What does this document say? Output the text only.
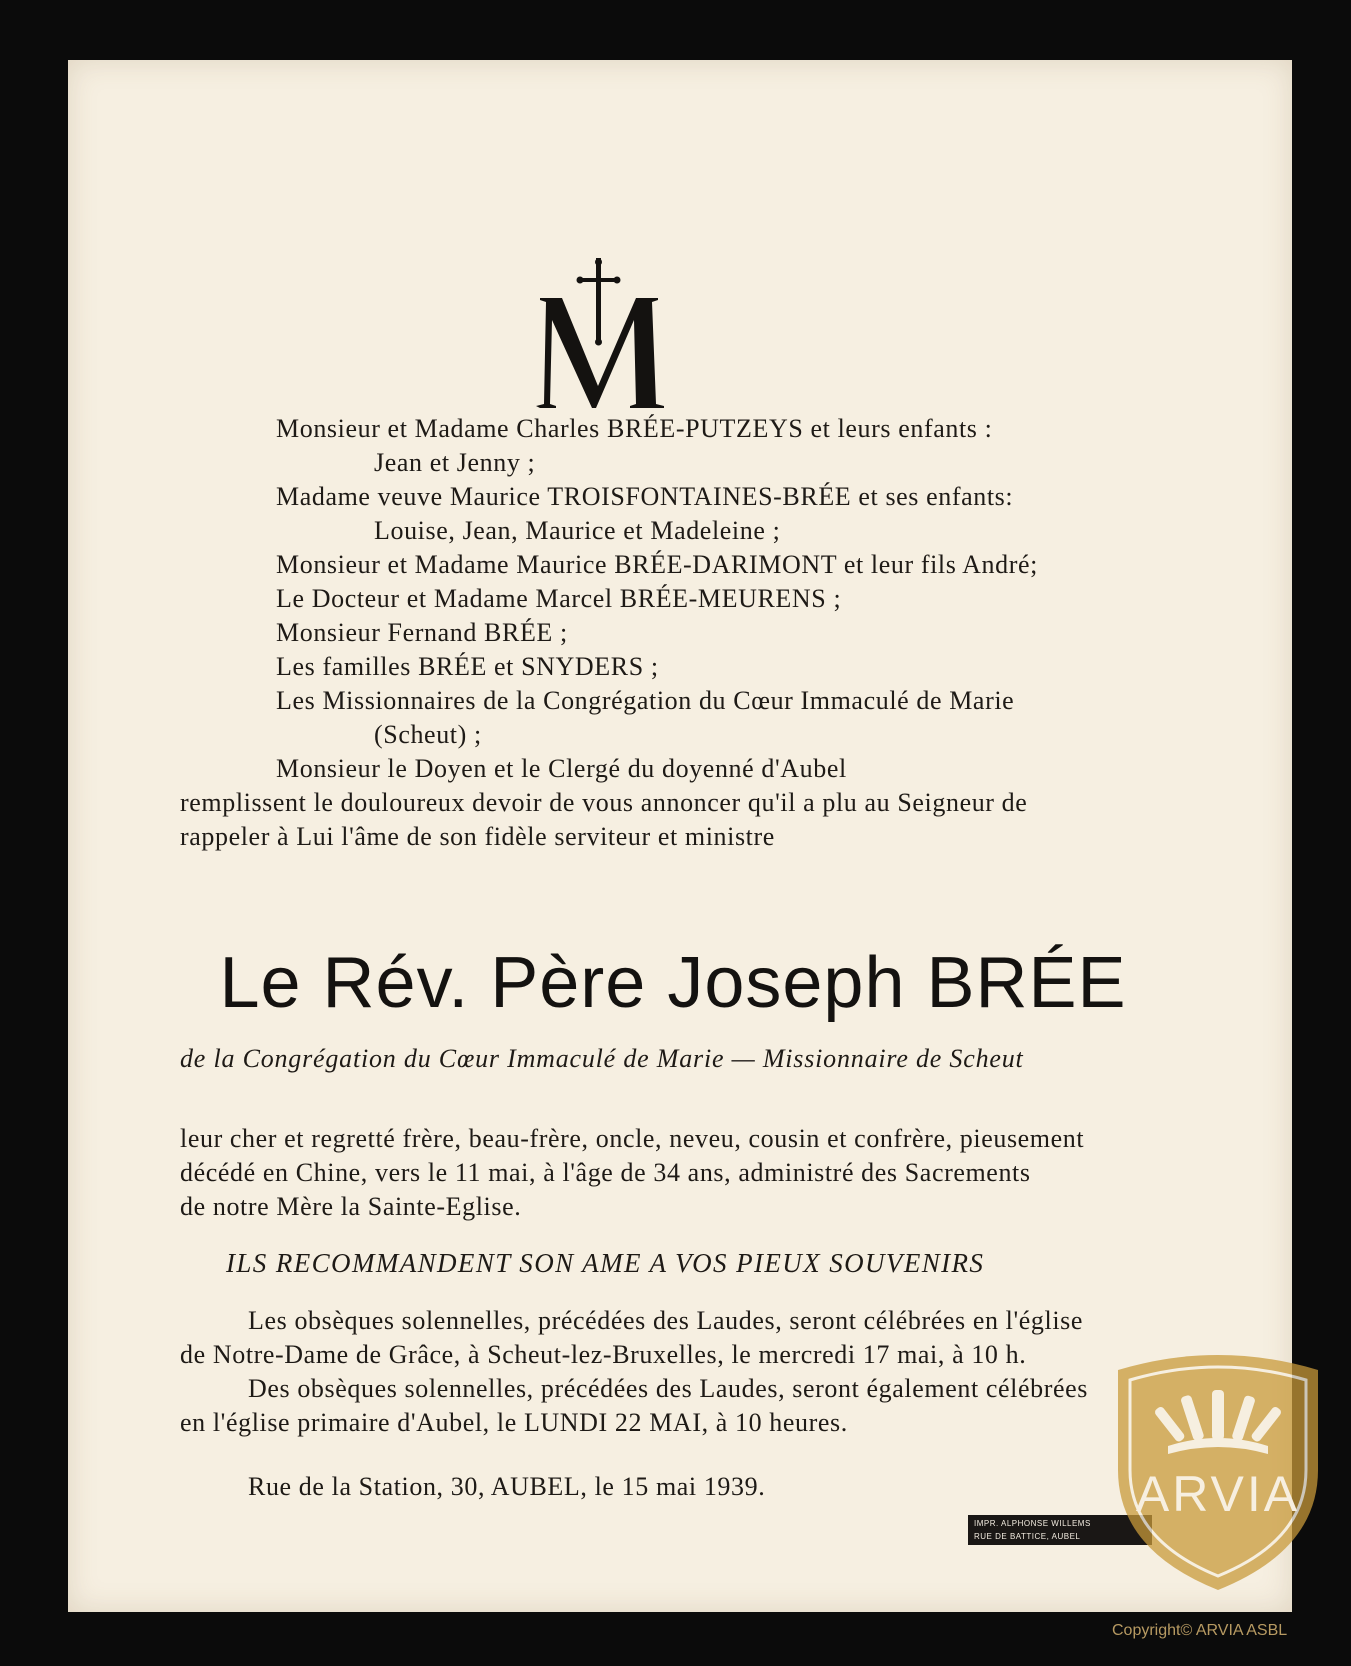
Monsieur et Madame Charles BRÉE-PUTZEYS et leurs enfants :
Jean et Jenny ;
Madame veuve Maurice TROISFONTAINES-BRÉE et ses enfants:
Louise, Jean, Maurice et Madeleine ;
Monsieur et Madame Maurice BRÉE-DARIMONT et leur fils André;
Le Docteur et Madame Marcel BRÉE-MEURENS ;
Monsieur Fernand BRÉE ;
Les familles BRÉE et SNYDERS ;
Les Missionnaires de la Congrégation du Cœur Immaculé de Marie
(Scheut) ;
Monsieur le Doyen et le Clergé du doyenné d'Aubel
remplissent le douloureux devoir de vous annoncer qu'il a plu au Seigneur de
rappeler à Lui l'âme de son fidèle serviteur et ministre
Le Rév. Père Joseph BRÉE
de la Congrégation du Cœur Immaculé de Marie — Missionnaire de Scheut
leur cher et regretté frère, beau-frère, oncle, neveu, cousin et confrère, pieusement
décédé en Chine, vers le 11 mai, à l'âge de 34 ans, administré des Sacrements
de notre Mère la Sainte-Eglise.
ILS RECOMMANDENT SON AME A VOS PIEUX SOUVENIRS
Les obsèques solennelles, précédées des Laudes, seront célébrées en l'église
de Notre-Dame de Grâce, à Scheut-lez-Bruxelles, le mercredi 17 mai, à 10 h.
Des obsèques solennelles, précédées des Laudes, seront également célébrées
en l'église primaire d'Aubel, le LUNDI 22 MAI, à 10 heures.
Rue de la Station, 30, AUBEL, le 15 mai 1939.
IMPR. ALPHONSE WILLEMS
RUE DE BATTICE, AUBEL
ARVIA
Copyright© ARVIA ASBL
